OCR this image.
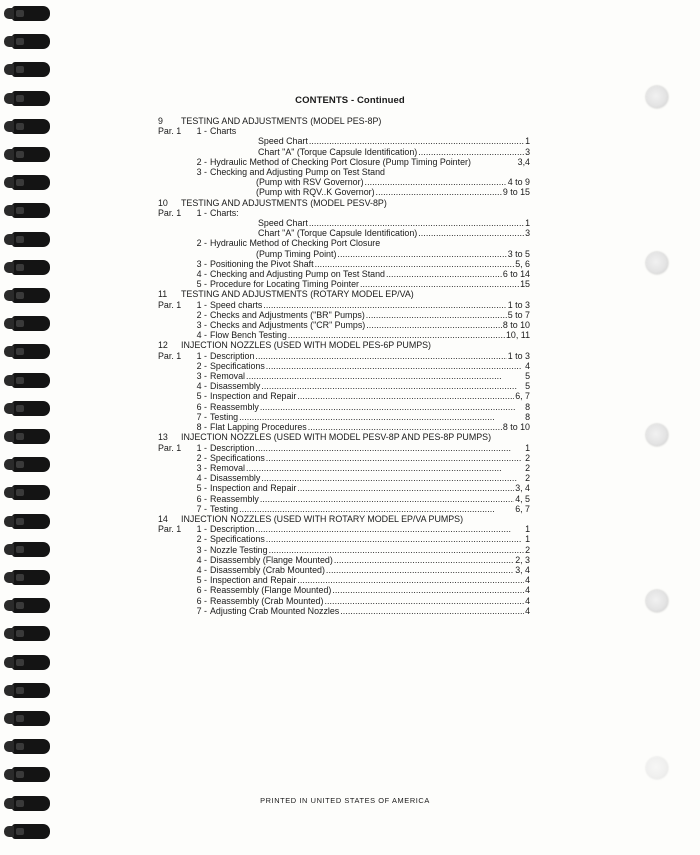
CONTENTS - Continued
9	TESTING AND ADJUSTMENTS (MODEL PES-8P)
Par. 1	1 - Charts
Speed Chart . . .	1
Chart "A" (Torque Capsule Identification) . . .	3
2 - Hydraulic Method of Checking Port Closure (Pump Timing Pointer)	3,4
3 - Checking and Adjusting Pump on Test Stand
(Pump with RSV Governor) . . .	4 to 9
(Pump with RQV..K Governor) . . .	9 to 15
10	TESTING AND ADJUSTMENTS (MODEL PESV-8P)
Par. 1	1 - Charts:
Speed Chart . . .	1
Chart "A" (Torque Capsule Identification) . . .	3
2 - Hydraulic Method of Checking Port Closure
(Pump Timing Point) . . .	3 to 5
3 - Positioning the Pivot Shaft . . .	5, 6
4 - Checking and Adjusting Pump on Test Stand . . .	6 to 14
5 - Procedure for Locating Timing Pointer . . .	15
11	TESTING AND ADJUSTMENTS (ROTARY MODEL EP/VA)
Par. 1	1 - Speed charts . . .	1 to 3
2 - Checks and Adjustments ("BR" Pumps) . . .	5 to 7
3 - Checks and Adjustments ("CR" Pumps) . . .	8 to 10
4 - Flow Bench Testing . . .	10, 11
12	INJECTION NOZZLES (USED WITH MODEL PES-6P PUMPS)
Par. 1	1 - Description . . .	1 to 3
2 - Specifications . . .	4
3 - Removal . . .	5
4 - Disassembly . . .	5
5 - Inspection and Repair . . .	6, 7
6 - Reassembly . . .	8
7 - Testing . . .	8
8 - Flat Lapping Procedures . . .	8 to 10
13	INJECTION NOZZLES (USED WITH MODEL PESV-8P AND PES-8P PUMPS)
Par. 1	1 - Description . . .	1
2 - Specifications . . .	2
3 - Removal . . .	2
4 - Disassembly . . .	2
5 - Inspection and Repair . . .	3, 4
6 - Reassembly . . .	4, 5
7 - Testing . . .	6, 7
14	INJECTION NOZZLES (USED WITH ROTARY MODEL EP/VA PUMPS)
Par. 1	1 - Description . . .	1
2 - Specifications . . .	1
3 - Nozzle Testing . . .	2
4 - Disassembly (Flange Mounted) . . .	2, 3
4 - Disassembly (Crab Mounted) . . .	3, 4
5 - Inspection and Repair . . .	4
6 - Reassembly (Flange Mounted) . . .	4
6 - Reassembly (Crab Mounted) . . .	4
7 - Adjusting Crab Mounted Nozzles . . .	4
PRINTED IN UNITED STATES OF AMERICA
